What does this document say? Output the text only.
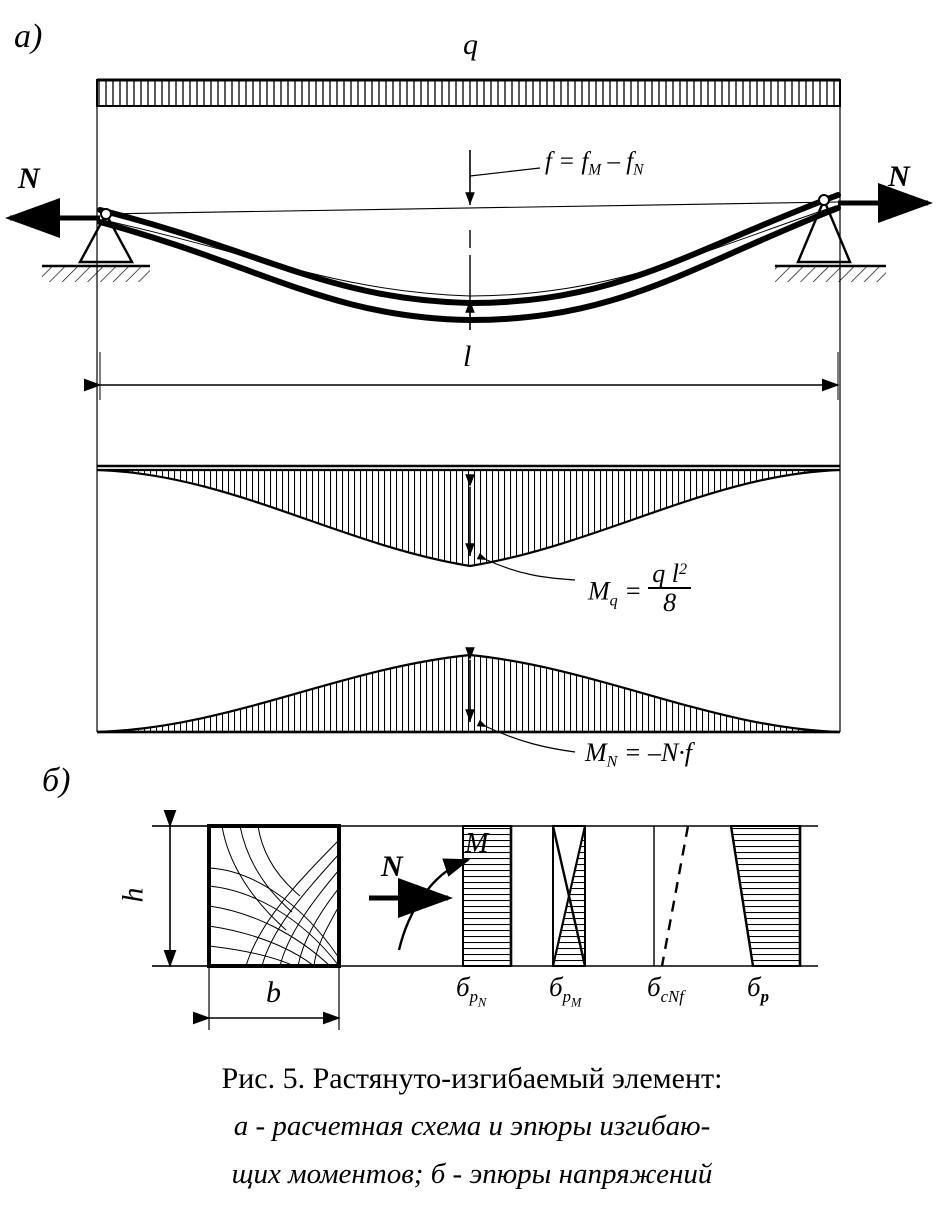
a)
б)
q
N	N
$f = f_M - f_N$
l
$M_q = \frac{q l^2}{8}$
$M_N = -N\cdot f$
h
b
N
M
$б_{pN}$
$б_{pM}$
$б_{cNf}$ $б_p$
Рис. 5. Растянуто-изгибаемый элемент:
а - расчетная схема и эпюры изгибаю-
щих моментов; б - эпюры напряжений
